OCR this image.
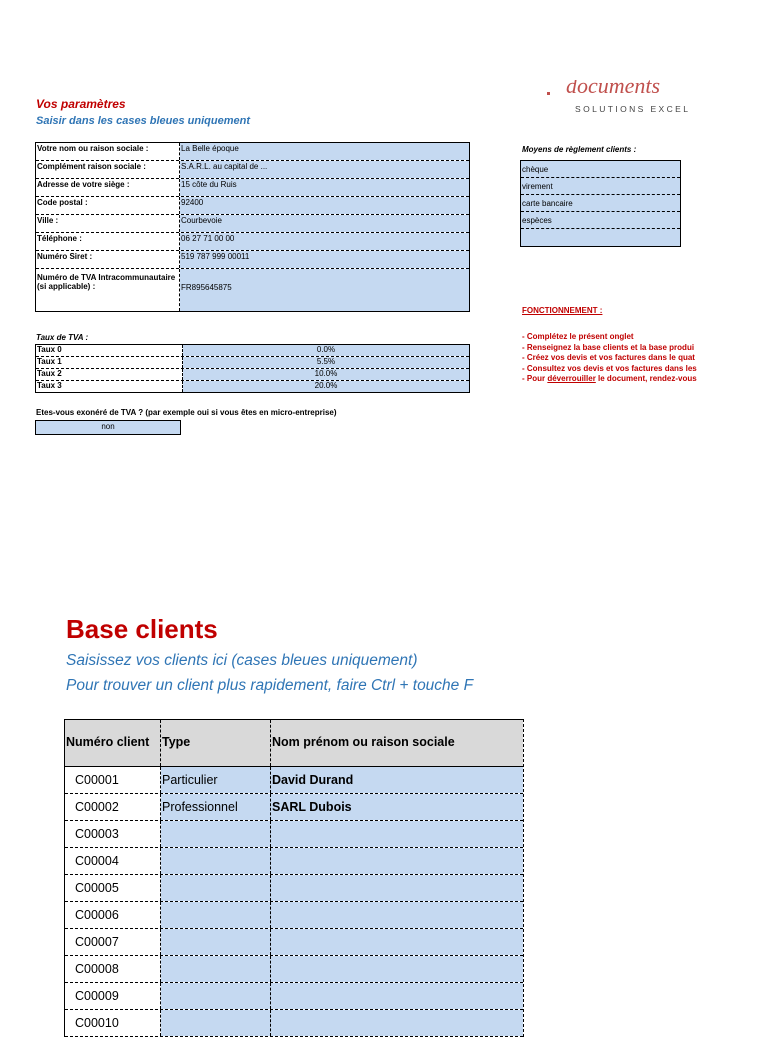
documents
SOLUTIONS EXCEL
Vos paramètres
Saisir dans les cases bleues uniquement
Votre nom ou raison sociale :	La Belle époque
Complément raison sociale :	S.A.R.L. au capital de ...
Adresse de votre siège :	15 côte du Ruis
Code postal :	92400
Ville :	Courbevoie
Téléphone :	06 27 71 00 00
Numéro Siret :	519 787 999 00011
Numéro de TVA Intracommunautaire (si applicable) :	FR895645875
Moyens de règlement clients :
chèque
virement
carte bancaire
espèces
FONCTIONNEMENT :
- Complétez le présent onglet
- Renseignez la base clients et la base produi
- Créez vos devis et vos factures dans le quat
- Consultez vos devis et vos factures dans les
- Pour déverrouiller le document, rendez-vous
Taux de TVA :
Taux 0	0.0%
Taux 1	5.5%
Taux 2	10.0%
Taux 3	20.0%
Etes-vous exonéré de TVA ? (par exemple oui si vous êtes en micro-entreprise)
non
Base clients
Saisissez vos clients ici (cases bleues uniquement)
Pour trouver un client plus rapidement, faire Ctrl + touche F
Numéro client	Type	Nom prénom ou raison sociale
C00001	Particulier	David Durand
C00002	Professionnel	SARL Dubois
C00003
C00004
C00005
C00006
C00007
C00008
C00009
C00010
